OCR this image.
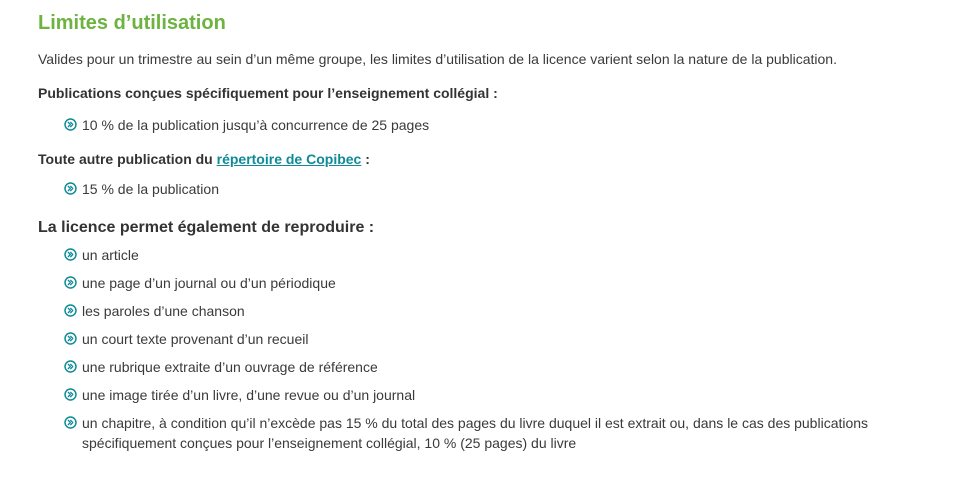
Limites d’utilisation

Valides pour un trimestre au sein d’un même groupe, les limites d’utilisation de la licence varient selon la nature de la publication.

Publications conçues spécifiquement pour l’enseignement collégial :

10 % de la publication jusqu’à concurrence de 25 pages

Toute autre publication du répertoire de Copibec :

15 % de la publication
La licence permet également de reproduire :
un article
une page d’un journal ou d’un périodique
les paroles d’une chanson
un court texte provenant d’un recueil
une rubrique extraite d’un ouvrage de référence
une image tirée d’un livre, d’une revue ou d’un journal
un chapitre, à condition qu’il n’excède pas 15 % du total des pages du livre duquel il est extrait ou, dans le cas des publications spécifiquement conçues pour l’enseignement collégial, 10 % (25 pages) du livre
